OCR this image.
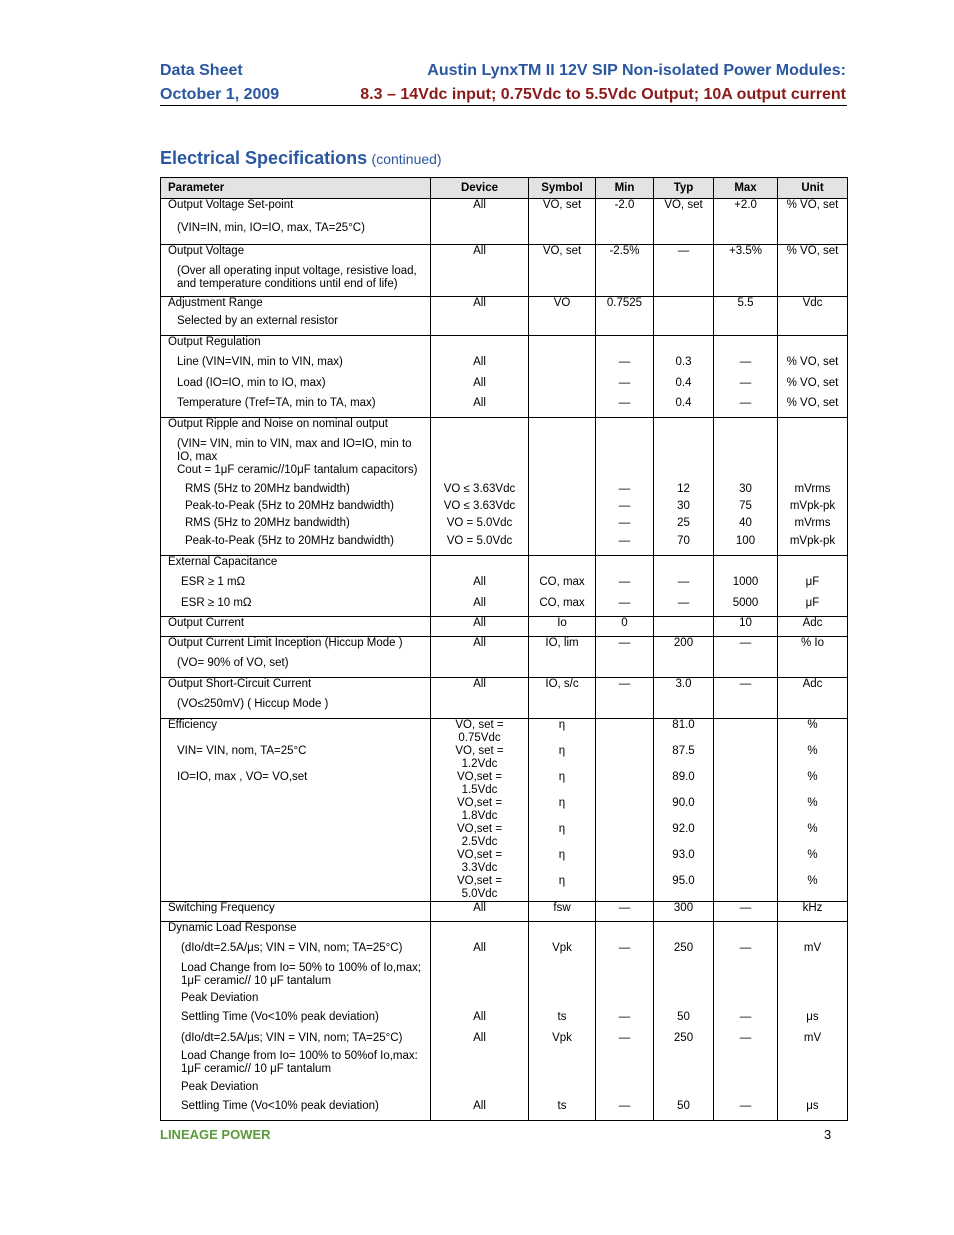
Data Sheet
October 1, 2009
Austin LynxTM II 12V SIP Non-isolated Power Modules:
8.3 – 14Vdc input; 0.75Vdc to 5.5Vdc Output; 10A output current
Electrical Specifications (continued)
Parameter	Device	Symbol	Min	Typ	Max	Unit
Output Voltage Set-point	All	VO, set	-2.0	VO, set	+2.0	% VO, set
(VIN=IN, min, IO=IO, max, TA=25°C)						
Output Voltage	All	VO, set	-2.5%	—	+3.5%	% VO, set
(Over all operating input voltage, resistive load, and temperature conditions until end of life)						
Adjustment Range	All	VO	0.7525		5.5	Vdc
Selected by an external resistor						
Output Regulation						
Line (VIN=VIN, min to VIN, max)	All		—	0.3	—	% VO, set
Load (IO=IO, min to IO, max)	All		—	0.4	—	% VO, set
Temperature (Tref=TA, min to TA, max)	All		—	0.4	—	% VO, set
Output Ripple and Noise on nominal output						
(VIN= VIN, min to VIN, max and IO=IO, min to IO, max						
Cout = 1μF ceramic//10μF tantalum capacitors)						
RMS (5Hz to 20MHz bandwidth)	VO ≤ 3.63Vdc		—	12	30	mVrms
Peak-to-Peak (5Hz to 20MHz bandwidth)	VO ≤ 3.63Vdc		—	30	75	mVpk-pk
RMS (5Hz to 20MHz bandwidth)	VO = 5.0Vdc		—	25	40	mVrms
Peak-to-Peak (5Hz to 20MHz bandwidth)	VO = 5.0Vdc		—	70	100	mVpk-pk
External Capacitance						
ESR ≥ 1 mΩ	All	CO, max	—	—	1000	μF
ESR ≥ 10 mΩ	All	CO, max	—	—	5000	μF
Output Current	All	Io	0		10	Adc
Output Current Limit Inception (Hiccup Mode )	All	IO, lim	—	200	—	% Io
(VO= 90% of VO, set)						
Output Short-Circuit Current	All	IO, s/c	—	3.0	—	Adc
(VO≤250mV) ( Hiccup Mode )						
Efficiency	VO, set = 0.75Vdc	η		81.0		%
VIN= VIN, nom, TA=25°C	VO, set = 1.2Vdc	η		87.5		%
IO=IO, max , VO= VO,set	VO,set = 1.5Vdc	η		89.0		%
	VO,set = 1.8Vdc	η		90.0		%
	VO,set = 2.5Vdc	η		92.0		%
	VO,set = 3.3Vdc	η		93.0		%
	VO,set = 5.0Vdc	η		95.0		%
Switching Frequency	All	fsw	—	300	—	kHz
Dynamic Load Response						
(dIo/dt=2.5A/μs; VIN = VIN, nom; TA=25°C)	All	Vpk	—	250	—	mV
Load Change from Io= 50% to 100% of Io,max; 1μF ceramic// 10 μF tantalum						
Peak Deviation						
Settling Time (Vo<10% peak deviation)	All	ts	—	50	—	μs
(dIo/dt=2.5A/μs; VIN = VIN, nom; TA=25°C)	All	Vpk	—	250	—	mV
Load Change from Io= 100% to 50%of Io,max: 1μF ceramic// 10 μF tantalum						
Peak Deviation						
Settling Time (Vo<10% peak deviation)	All	ts	—	50	—	μs
LINEAGE POWER	3
